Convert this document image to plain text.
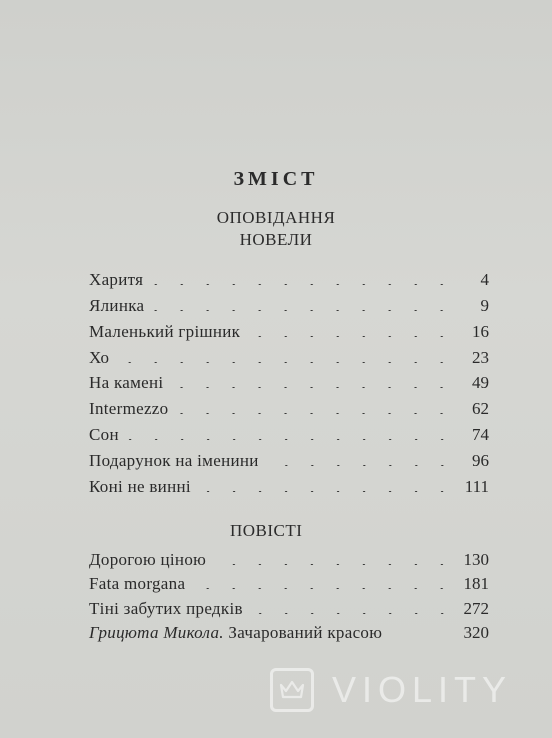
ЗМІСТ
ОПОВІДАННЯ
НОВЕЛИ
Харитя	4
Ялинка	9
Маленький грішник	16
Хо	23
На камені	49
Intermezzo	62
Сон	74
Подарунок на іменини	96
Коні не винні	111
ПОВІСТІ
Дорогою ціною	130
Fata morgana	181
Тіні забутих предків	272
Грицюта Микола. Зачарований красою	320
VIOLITY
